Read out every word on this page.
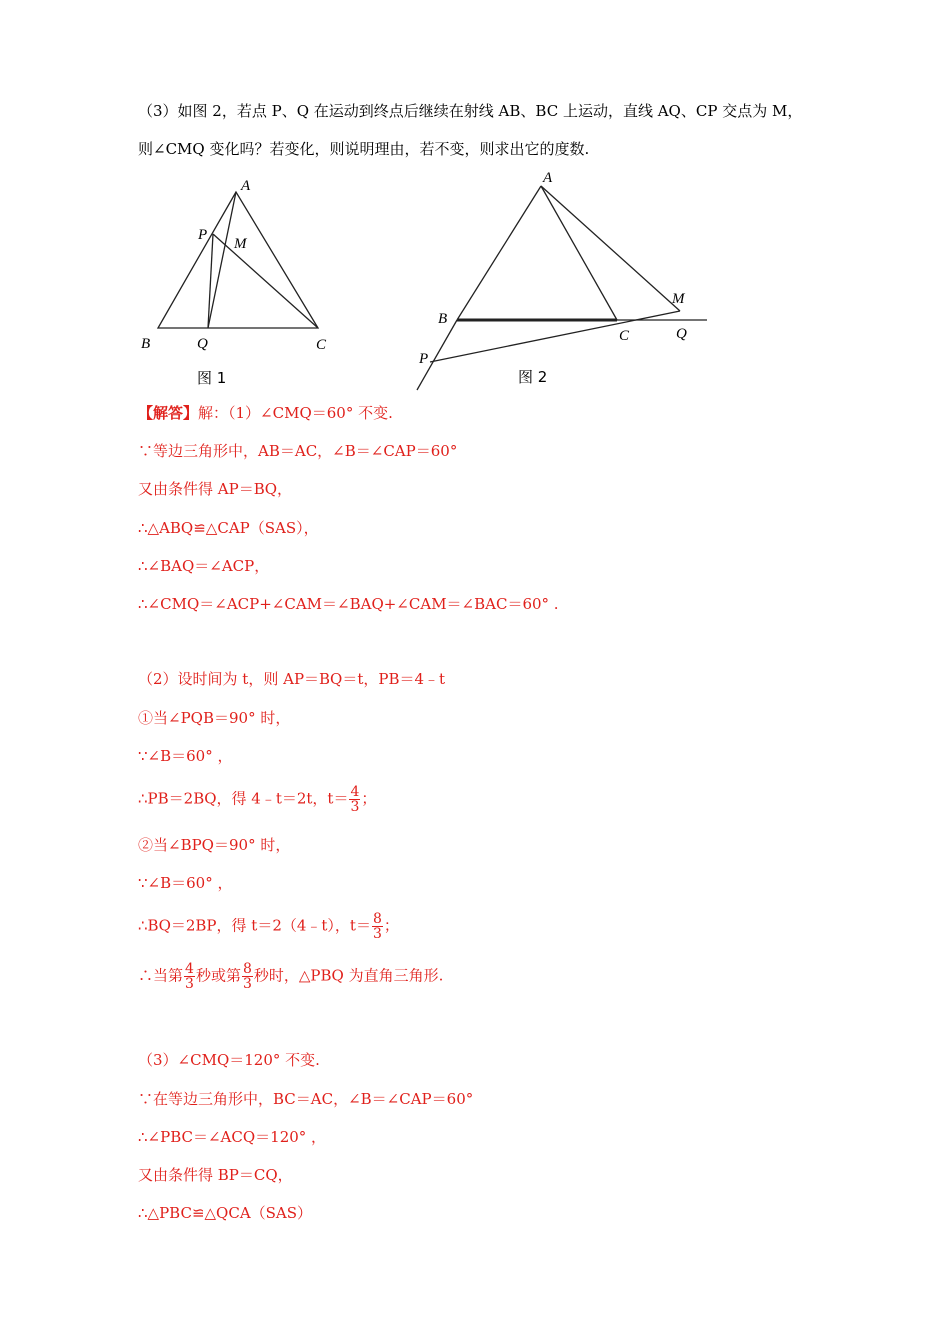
（3）如图 2，若点 P、Q 在运动到终点后继续在射线 AB、BC 上运动，直线 AQ、CP 交点为 M，
则∠CMQ 变化吗？若变化，则说明理由，若不变，则求出它的度数.
A
P
M
B	Q	C
图 1
A
M
B
C	Q
P
图 2
【解答】解：（1）∠CMQ＝60° 不变.
∵等边三角形中，AB＝AC，∠B＝∠CAP＝60°
又由条件得 AP＝BQ，
∴△ABQ≌△CAP（SAS），
∴∠BAQ＝∠ACP，
∴∠CMQ＝∠ACP+∠CAM＝∠BAQ+∠CAM＝∠BAC＝60° .
（2）设时间为 t，则 AP＝BQ＝t，PB＝4﹣t
①当∠PQB＝90° 时，
∵∠B＝60° ，
∴PB＝2BQ，得 4﹣t＝2t，$t= \frac{4}{3}$ ；
②当∠BPQ＝90° 时，
∵∠B＝60° ，
∴BQ＝2BP，得 t＝2（4﹣t），$t= \frac{8}{3}$ ；
∴当第 $\frac{4}{3}$ 秒或第 $\frac{8}{3}$ 秒时，△PBQ 为直角三角形.
（3）∠CMQ＝120° 不变.
∵在等边三角形中，BC＝AC，∠B＝∠CAP＝60°
∴∠PBC＝∠ACQ＝120° ，
又由条件得 BP＝CQ，
∴△PBC≌△QCA（SAS）
